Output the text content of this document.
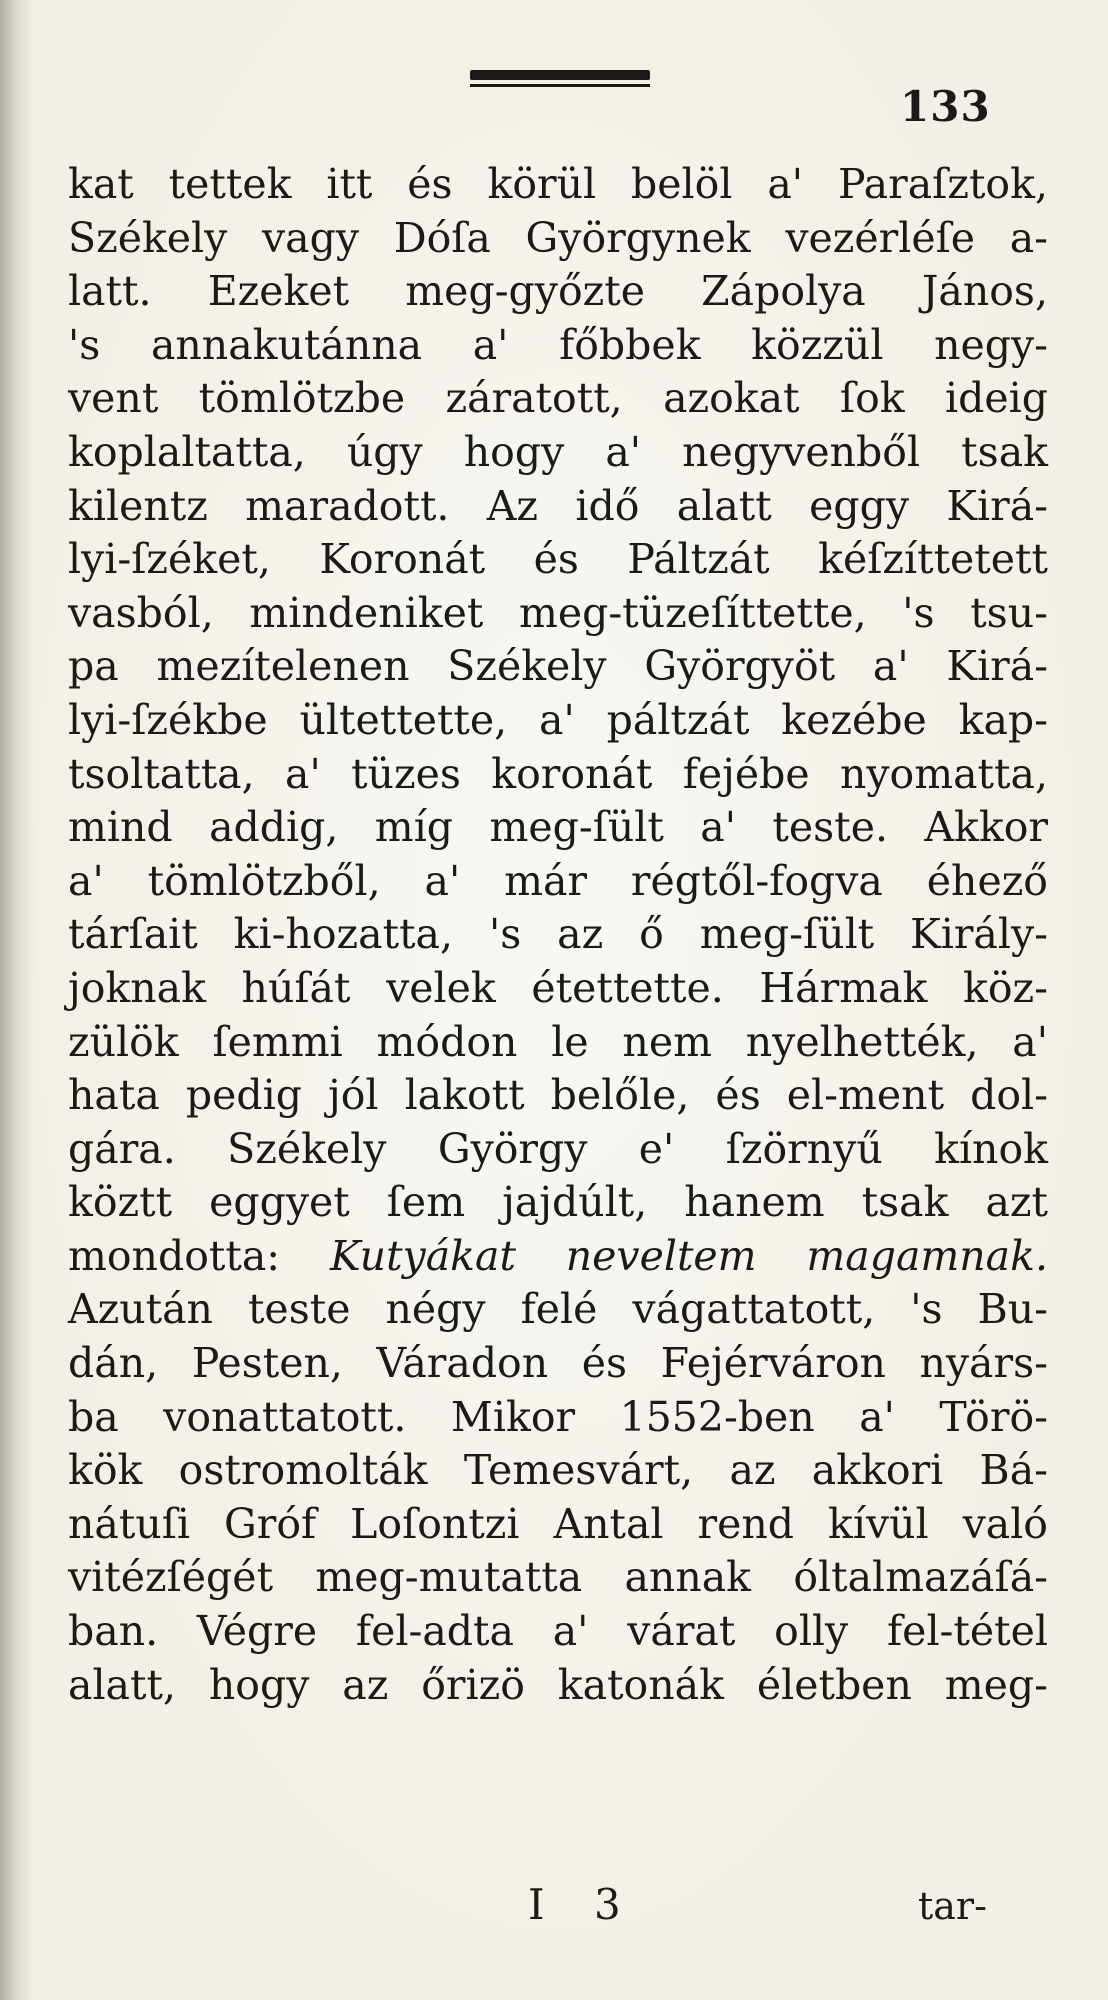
133
kat tettek itt és körül belöl a' Paraſztok,
Székely vagy Dóſa Györgynek vezérléſe a-
latt. Ezeket meg-győzte Zápolya János,
's annakutánna a' főbbek közzül negy-
vent tömlötzbe záratott, azokat ſok ideig
koplaltatta, úgy hogy a' negyvenből tsak
kilentz maradott. Az idő alatt eggy Kirá-
lyi-ſzéket, Koronát és Páltzát kéſzíttetett
vasból, mindeniket meg-tüzeſíttette, 's tsu-
pa mezítelenen Székely Györgyöt a' Kirá-
lyi-ſzékbe ültettette, a' páltzát kezébe kap-
tsoltatta, a' tüzes koronát fejébe nyomatta,
mind addig, míg meg-ſült a' teste. Akkor
a' tömlötzből, a' már régtől-fogva éhező
tárſait ki-hozatta, 's az ő meg-ſült Király-
joknak húſát velek étettette. Hármak köz-
zülök ſemmi módon le nem nyelhették, a'
hata pedig jól lakott belőle, és el-ment dol-
gára. Székely György e' ſzörnyű kínok
köztt eggyet ſem jajdúlt, hanem tsak azt
mondotta: Kutyákat neveltem magamnak.
Azután teste négy felé vágattatott, 's Bu-
dán, Pesten, Váradon és Fejérváron nyárs-
ba vonattatott. Mikor 1552-ben a' Törö-
kök ostromolták Temesvárt, az akkori Bá-
nátuſi Gróf Loſontzi Antal rend kívül való
vitézſégét meg-mutatta annak óltalmazáſá-
ban. Végre fel-adta a' várat olly fel-tétel
alatt, hogy az őrizö katonák életben meg-
I 3	tar-
